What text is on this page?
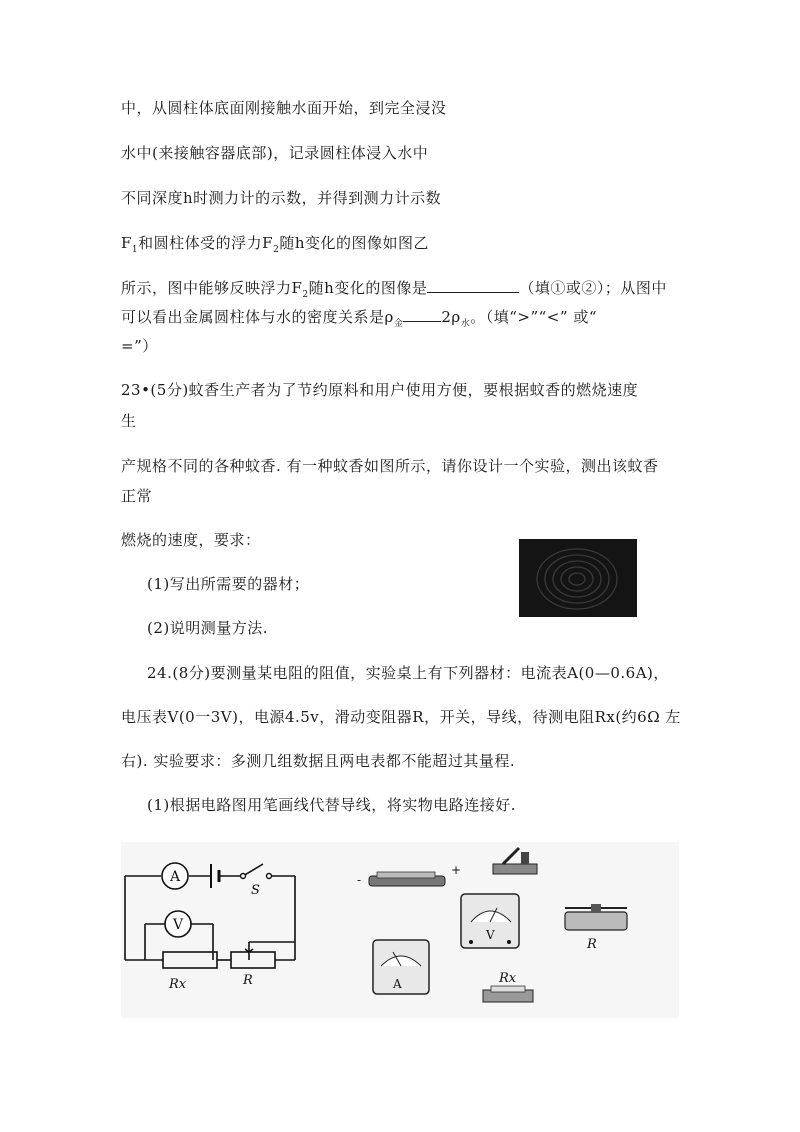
中，从圆柱体底面刚接触水面开始，到完全浸没
水中(来接触容器底部)，记录圆柱体浸入水中
不同深度h时测力计的示数，并得到测力计示数
$F_1$和圆柱体受的浮力$F_2$随h变化的图像如图乙
所示，图中能够反映浮力$F_2$随h变化的图像是	（填①或②）；从图中
可以看出金属圆柱体与水的密度关系是$\rho_金$	$2\rho_水$。（填“>”“<” 或“
=”）
23•(5分)蚊香生产者为了节约原料和用户使用方便，要根据蚊香的燃烧速度
生
产规格不同的各种蚊香. 有一种蚊香如图所示，请你设计一个实验，测出该蚊香
正常
燃烧的速度，要求：
(1)写出所需要的器材；
(2)说明测量方法.
24.(8分)要测量某电阻的阻值，实验桌上有下列器材：电流表A(0—0.6A)，
电压表V(0一3V)，电源4.5v，滑动变阻器R，开关，导线，待测电阻Rx(约6Ω 左
右). 实验要求：多测几组数据且两电表都不能超过其量程.
(1)根据电路图用笔画线代替导线，将实物电路连接好.
A
S
V
Rx	R
-
+
V
R
A	Rx
